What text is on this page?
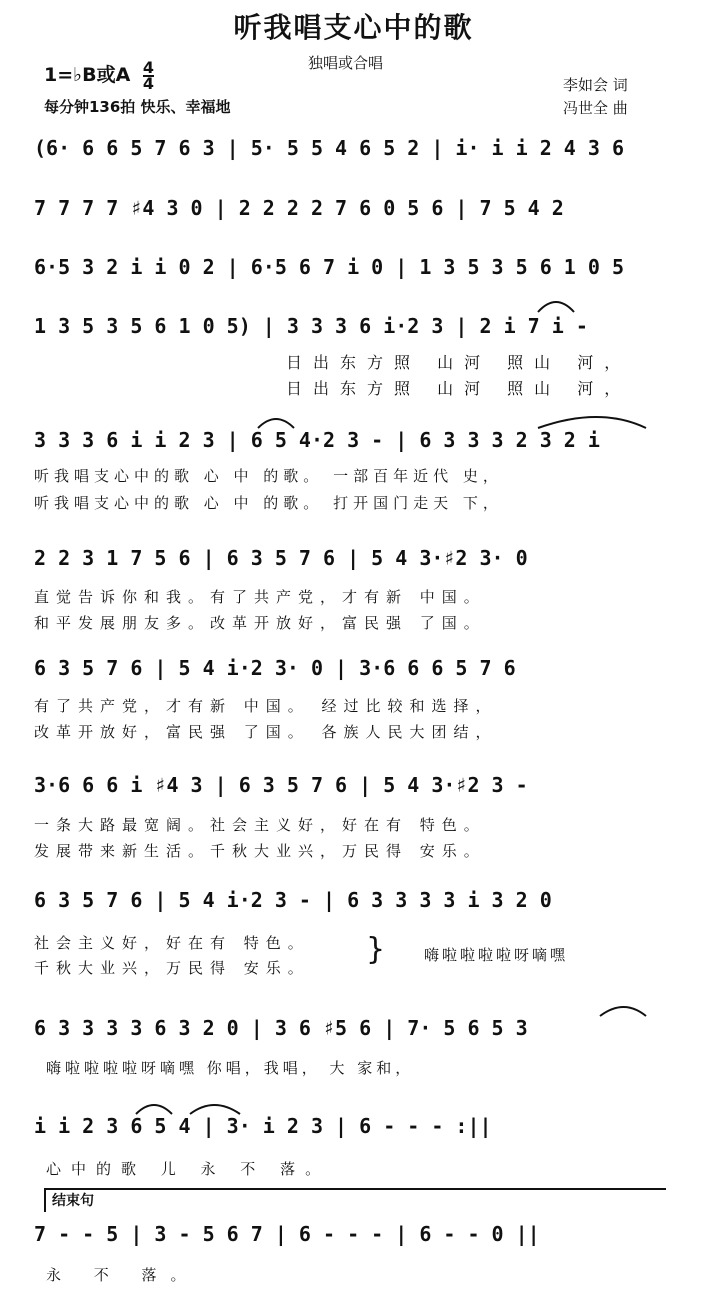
听我唱支心中的歌
独唱或合唱
1=♭B或A $\frac{4}{4}$
每分钟136拍 快乐、幸福地
李如会 词
冯世全 曲
(6· 6 6 5 7 6 3 | 5· 5 5 4 6 5 2 | i· i i 2 4 3 6
7 7 7 7 ♯4 3 0 | 2 2 2 2 7 6 0 5 6 | 7 5 4 2
6·5 3 2 i i 0 2 | 6·5 6 7 i 0 | 1 3 5 3 5 6 1 0 5
1 3 5 3 5 6 1 0 5) | 3 3 3 6 i·2 3 | 2 i 7 i -
日出东方照 山河 照山 河，
日出东方照 山河 照山 河，
3 3 3 6 i i 2 3 | 6 5 4·2 3 - | 6 3 3 3 2 3 2 i
听我唱支心中的歌 心 中 的歌。 一部百年近代 史，
听我唱支心中的歌 心 中 的歌。 打开国门走天 下，
2 2 3 1 7 5 6 | 6 3 5 7 6 | 5 4 3·♯2 3· 0
直觉告诉你和我。有了共产党，才有新 中国。
和平发展朋友多。改革开放好，富民强 了国。
6 3 5 7 6 | 5 4 i·2 3· 0 | 3·6 6 6 5 7 6
有了共产党，才有新 中国。 经过比较和选择，
改革开放好，富民强 了国。 各族人民大团结，
3·6 6 6 i ♯4 3 | 6 3 5 7 6 | 5 4 3·♯2 3 -
一条大路最宽阔。社会主义好，好在有 特色。
发展带来新生活。千秋大业兴，万民得 安乐。
6 3 5 7 6 | 5 4 i·2 3 - | 6 3 3 3 3 i 3 2 0
社会主义好，好在有 特色。
千秋大业兴，万民得 安乐。
}	嗨啦啦啦啦呀嘀嘿
6 3 3 3 3 6 3 2 0 | 3 6 ♯5 6 | 7· 5 6 5 3
嗨啦啦啦啦呀嘀嘿 你唱，我唱， 大 家和，
i i 2 3 6 5 4 | 3· i 2 3 | 6 - - - :||
心中的歌 儿 永 不 落。
结束句
7 - - 5 | 3 - 5 6 7 | 6 - - - | 6 - - 0 ||
永 不 落。
